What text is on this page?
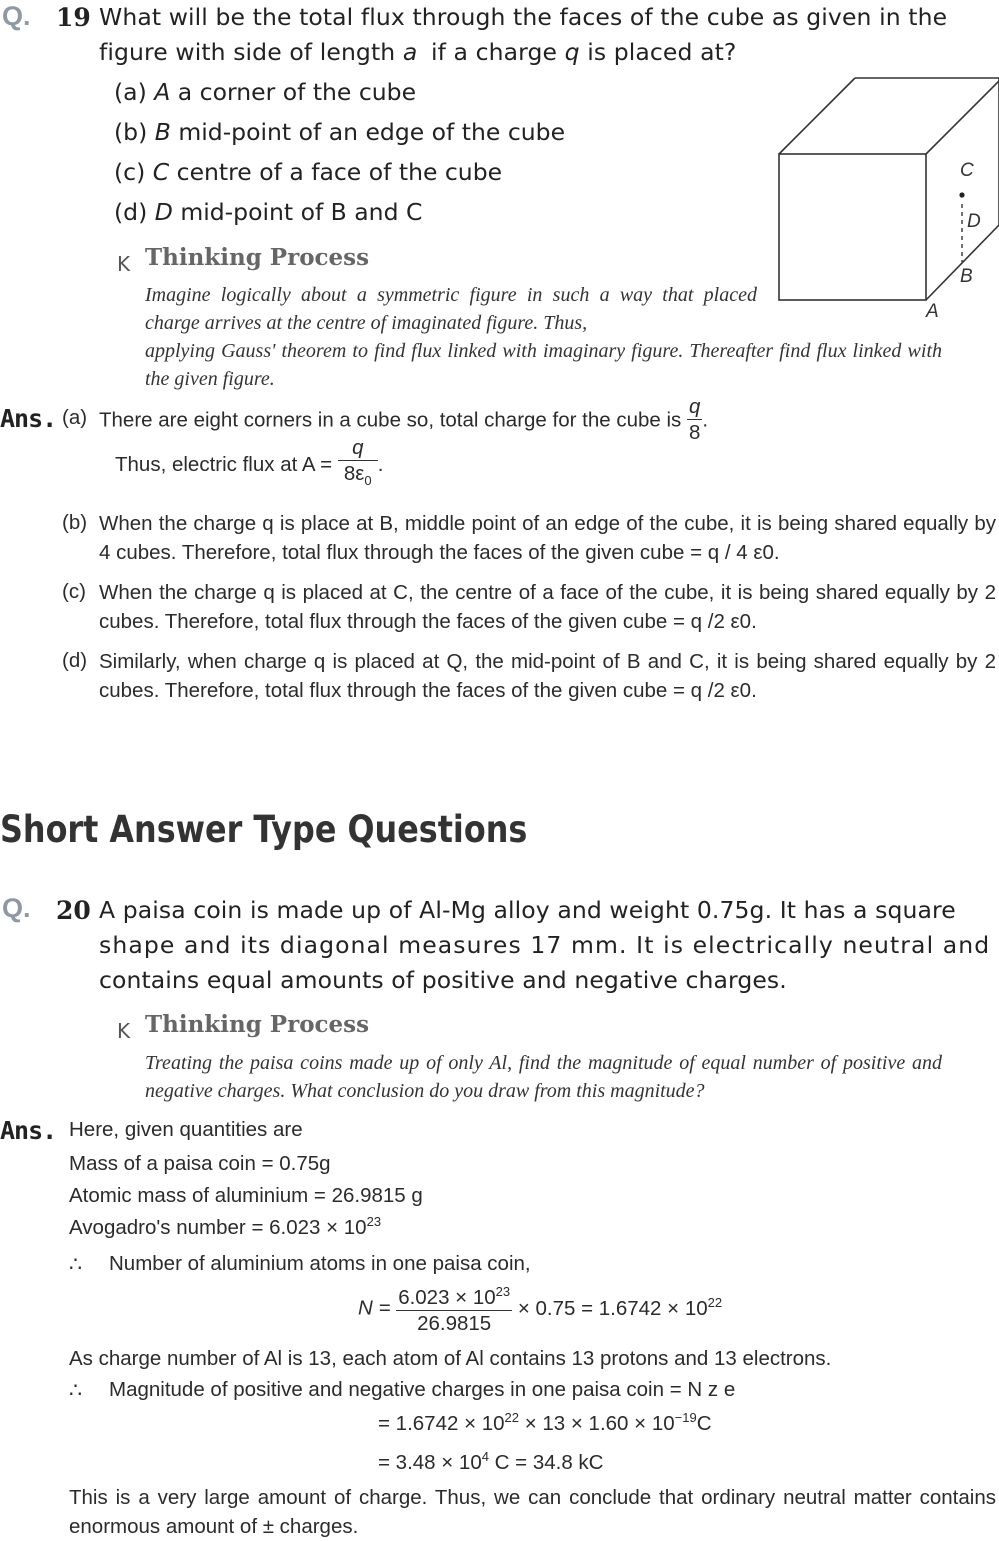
Q. 19 What will be the total flux through the faces of the cube as given in the
figure with side of length a if a charge q is placed at?
(a) A a corner of the cube
(b) B mid-point of an edge of the cube
(c) C centre of a face of the cube
(d) D mid-point of B and C
C
D
B
A
K Thinking Process
Imagine logically about a symmetric figure in such a way that placed charge arrives at the centre of imaginated figure. Thus,
applying Gauss' theorem to find flux linked with imaginary figure. Thereafter find flux linked with the given figure.
Ans. (a) There are eight corners in a cube so, total charge for the cube is $\frac{q}{8}$ .
Thus, electric flux at $A = \frac{q}{8\varepsilon_0}$ .
(b) When the charge q is place at B, middle point of an edge of the cube, it is being shared equally by 4 cubes. Therefore, total flux through the faces of the given cube = q / 4 ε0.
(c) When the charge q is placed at C, the centre of a face of the cube, it is being shared equally by 2 cubes. Therefore, total flux through the faces of the given cube = q /2 ε0.
(d) Similarly, when charge q is placed at Q, the mid-point of B and C, it is being shared equally by 2 cubes. Therefore, total flux through the faces of the given cube = q /2 ε0.
Short Answer Type Questions
Q. 20 A paisa coin is made up of Al-Mg alloy and weight 0.75g. It has a square
shape and its diagonal measures 17 mm. It is electrically neutral and
contains equal amounts of positive and negative charges.
K Thinking Process
Treating the paisa coins made up of only Al, find the magnitude of equal number of positive and negative charges. What conclusion do you draw from this magnitude?
Ans. Here, given quantities are
Mass of a paisa coin = 0.75g
Atomic mass of aluminium = 26.9815 g
Avogadro's number = $6.023 \times 10^{23}$
∴ Number of aluminium atoms in one paisa coin,
$N = \frac{6.023 \times 10^{23}}{26.9815} \times 0.75 = 1.6742 \times 10^{22}$
As charge number of Al is 13, each atom of Al contains 13 protons and 13 electrons.
∴ Magnitude of positive and negative charges in one paisa coin = N z e
= $1.6742 \times 10^{22} \times 13 \times 1.60 \times 10^{-19}C$
= $3.48 \times 10^4$ C = 34.8 kC
This is a very large amount of charge. Thus, we can conclude that ordinary neutral matter contains enormous amount of ± charges.
